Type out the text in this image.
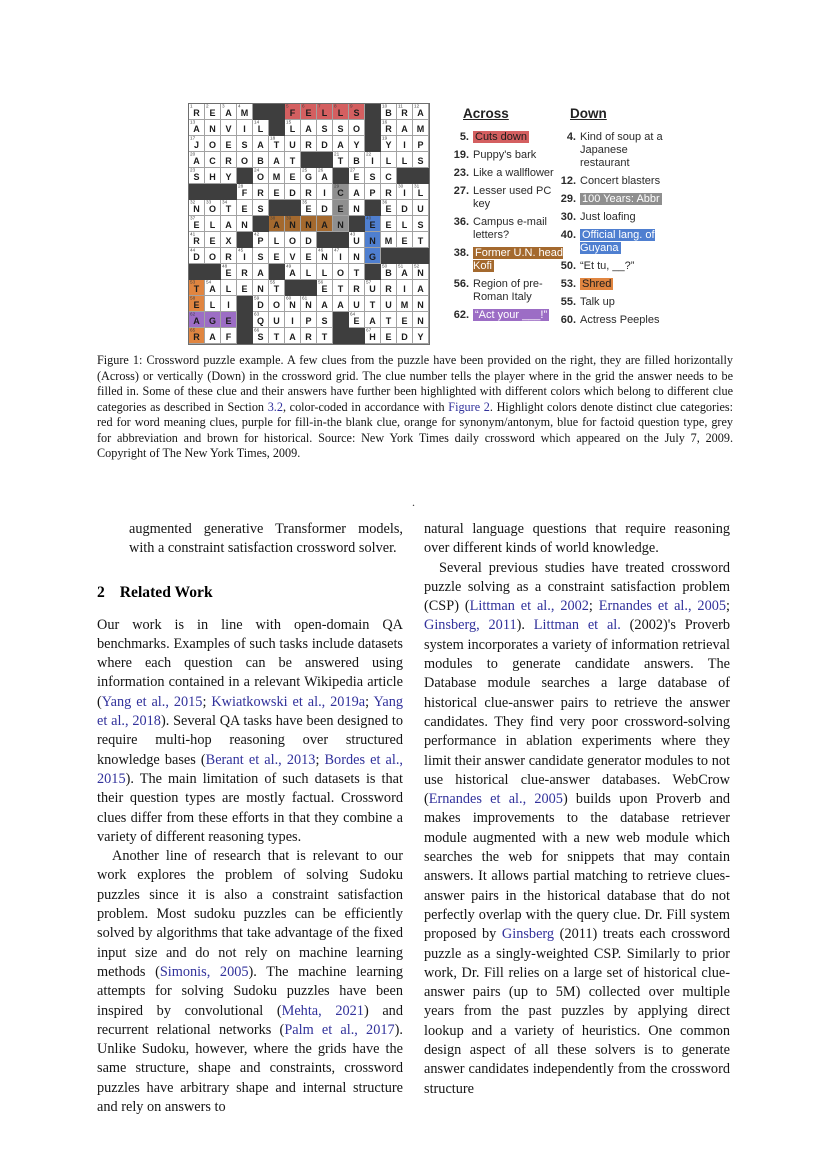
1
R
2
E
3
A
4
M
5
F
6
E
7
L
8
L
9
S
10
B
11
R
12
A
13
A N V I
14
L
15
L A S S O
16
R A M
17
J O E S A
18
T U R D A Y
19
Y I P
20
A C R O B A T
21
T B
22
I L L S
23
S H Y
24
O M E
25
G
26
A
27
E S C
28
F R E D R I
29
C A P R
30
I
31
L
32
N
33
O
34
T E S
35
E D E N
36
E D U
37
E L A N
38
A
39
N N A N
40
E E L S
41
R E X
42
P L O D
43
U N M E T
44
D O R
45
I S E V E
46
N
47
I N G
48
E R A
49
A L L O T
50
B
51
A
52
N
53
T
54
A L E N
55
T
56
E T R
57
U R I A
58
E L I
59
D O
60
N
61
N A A U T U M N
62
A G E
63
Q U I P S
64
E A T E N
65
R A F
66
S T A R T
67
H E D Y
Across
5. Cuts down
19. Puppy's bark
23. Like a wallflower
27. Lesser used PC key
36. Campus e-mail letters?
38. Former U.N. head Kofi
56. Region of pre-Roman Italy
62. “Act your ___!”
Down
4. Kind of soup at a Japanese restaurant
12. Concert blasters
29. 100 Years: Abbr
30. Just loafing
40. Official lang. of Guyana
50. “Et tu, __?”
53. Shred
55. Talk up
60. Actress Peeples
Figure 1: Crossword puzzle example. A few clues from the puzzle have been provided on the right, they are filled horizontally (Across) or vertically (Down) in the crossword grid. The clue number tells the player where in the grid the answer needs to be filled in. Some of these clue and their answers have further been highlighted with different colors which belong to different clue categories as described in Section 3.2, color-coded in accordance with Figure 2. Highlight colors denote distinct clue categories: red for word meaning clues, purple for fill-in-the blank clue, orange for synonym/antonym, blue for factoid question type, grey for abbreviation and brown for historical. Source: New York Times daily crossword which appeared on the July 7, 2009. Copyright of The New York Times, 2009.
.

augmented generative Transformer models, with a constraint satisfaction crossword solver.

2 Related Work

Our work is in line with open-domain QA benchmarks. Examples of such tasks include datasets where each question can be answered using information contained in a relevant Wikipedia article (Yang et al., 2015; Kwiatkowski et al., 2019a; Yang et al., 2018). Several QA tasks have been designed to require multi-hop reasoning over structured knowledge bases (Berant et al., 2013; Bordes et al., 2015). The main limitation of such datasets is that their question types are mostly factual. Crossword clues differ from these efforts in that they combine a variety of different reasoning types.

Another line of research that is relevant to our work explores the problem of solving Sudoku puzzles since it is also a constraint satisfaction problem. Most sudoku puzzles can be efficiently solved by algorithms that take advantage of the fixed input size and do not rely on machine learning methods (Simonis, 2005). The machine learning attempts for solving Sudoku puzzles have been inspired by convolutional (Mehta, 2021) and recurrent relational networks (Palm et al., 2017). Unlike Sudoku, however, where the grids have the same structure, shape and constraints, crossword puzzles have arbitrary shape and internal structure and rely on answers to

natural language questions that require reasoning over different kinds of world knowledge.

Several previous studies have treated crossword puzzle solving as a constraint satisfaction problem (CSP) (Littman et al., 2002; Ernandes et al., 2005; Ginsberg, 2011). Littman et al. (2002)'s Proverb system incorporates a variety of information retrieval modules to generate candidate answers. The Database module searches a large database of historical clue-answer pairs to retrieve the answer candidates. They find very poor crossword-solving performance in ablation experiments where they limit their answer candidate generator modules to not use historical clue-answer databases. WebCrow (Ernandes et al., 2005) builds upon Proverb and makes improvements to the database retriever module augmented with a new web module which searches the web for snippets that may contain answers. It allows partial matching to retrieve clues-answer pairs in the historical database that do not perfectly overlap with the query clue. Dr. Fill system proposed by Ginsberg (2011) treats each crossword puzzle as a singly-weighted CSP. Similarly to prior work, Dr. Fill relies on a large set of historical clue-answer pairs (up to 5M) collected over multiple years from the past puzzles by applying direct lookup and a variety of heuristics. One common design aspect of all these solvers is to generate answer candidates independently from the crossword structure
